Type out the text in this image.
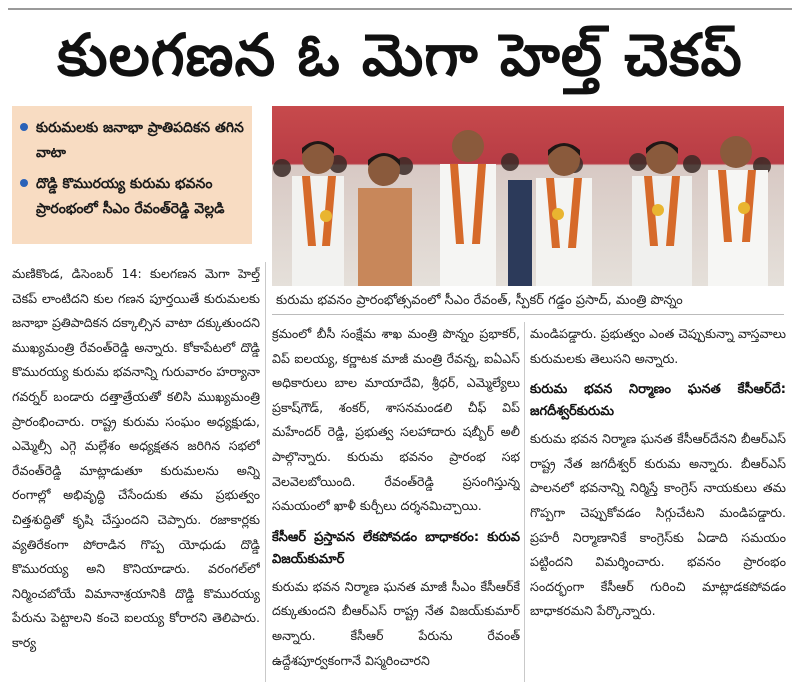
కులగణన ఓ మెగా హెల్త్‌ చెకప్‌
కురుమలకు జనాభా ప్రాతిపదికన తగిన వాటా
దొడ్డి కొమురయ్య కురుమ భవనం ప్రారంభంలో సీఎం రేవంత్‌రెడ్డి వెల్లడి
కురుమ భవనం ప్రారంభోత్సవంలో సీఎం రేవంత్‌, స్పీకర్‌ గడ్డం ప్రసాద్‌, మంత్రి పొన్నం

మణికొండ, డిసెంబర్‌ 14: కులగణన మెగా హెల్త్‌ చెకప్‌ లాంటిదని కుల గణన పూర్తయితే కురుమలకు జనాభా ప్రతిపాదికన దక్కాల్సిన వాటా దక్కుతుందని ముఖ్యమంత్రి రేవంత్‌రెడ్డి అన్నారు. కోకాపేటలో దొడ్డి కొమురయ్య కురుమ భవనాన్ని గురువారం హర్యానా గవర్నర్‌ బండారు దత్తాత్రేయతో కలిసి ముఖ్యమంత్రి ప్రారంభించారు. రాష్ట్ర కురుమ సంఘం అధ్యక్షుడు, ఎమ్మెల్సీ ఎగ్గె మల్లేశం అధ్యక్షతన జరిగిన సభలో రేవంత్‌రెడ్డి మాట్లాడుతూ కురుమలను అన్ని రంగాల్లో అభివృద్ధి చేసేందుకు తమ ప్రభుత్వం చిత్తశుద్ధితో కృషి చేస్తుందని చెప్పారు. రజాకార్లకు వ్యతిరేకంగా పోరాడిన గొప్ప యోధుడు దొడ్డి కొమురయ్య అని కొనియాడారు. వరంగల్‌లో నిర్మించబోయే విమానాశ్రయానికి దొడ్డి కొమురయ్య పేరును పెట్టాలని కంచె ఐలయ్య కోరారని తెలిపారు. కార్య

క్రమంలో బీసీ సంక్షేమ శాఖ మంత్రి పొన్నం ప్రభాకర్‌, విప్‌ ఐలయ్య, కర్ణాటక మాజీ మంత్రి రేవన్న, ఐఏఎస్‌ అధికారులు బాల మాయాదేవి, శ్రీధర్‌, ఎమ్మెల్యేలు ప్రకాష్‌గౌడ్‌, శంకర్‌, శాసనమండలి చీఫ్‌ విప్‌ మహేందర్‌ రెడ్డి, ప్రభుత్వ సలహాదారు షబ్బీర్‌ అలీ పాల్గొన్నారు. కురుమ భవనం ప్రారంభ సభ వెలవెలబోయింది. రేవంత్‌రెడ్డి ప్రసంగిస్తున్న సమయంలో ఖాళీ కుర్చీలు దర్శనమిచ్చాయి.

కేసీఆర్‌ ప్రస్తావన లేకపోవడం బాధాకరం: కురువ విజయ్‌కుమార్‌

కురుమ భవన నిర్మాణ ఘనత మాజీ సీఎం కేసీఆర్‌కే దక్కుతుందని బీఆర్‌ఎస్‌ రాష్ట్ర నేత విజయ్‌కుమార్‌ అన్నారు. కేసీఆర్‌ పేరును రేవంత్‌ ఉద్దేశపూర్వకంగానే విస్మరించారని

మండిపడ్డారు. ప్రభుత్వం ఎంత చెప్పుకున్నా వాస్తవాలు కురుమలకు తెలుసని అన్నారు.

కురుమ భవన నిర్మాణం ఘనత కేసీఆర్‌దే: జగదీశ్వర్‌కురుమ

కురుమ భవన నిర్మాణ ఘనత కేసీఆర్‌దేనని బీఆర్‌ఎస్‌ రాష్ట్ర నేత జగదీశ్వర్‌ కురుమ అన్నారు. బీఆర్‌ఎస్‌ పాలనలో భవనాన్ని నిర్మిస్తే కాంగ్రెస్‌ నాయకులు తమ గొప్పగా చెప్పుకోవడం సిగ్గుచేటని మండిపడ్డారు. ప్రహరీ నిర్మాణానికే కాంగ్రెస్‌కు ఏడాది సమయం పట్టిందని విమర్శించారు. భవనం ప్రారంభం సందర్భంగా కేసీఆర్‌ గురించి మాట్లాడకపోవడం బాధాకరమని పేర్కొన్నారు.
